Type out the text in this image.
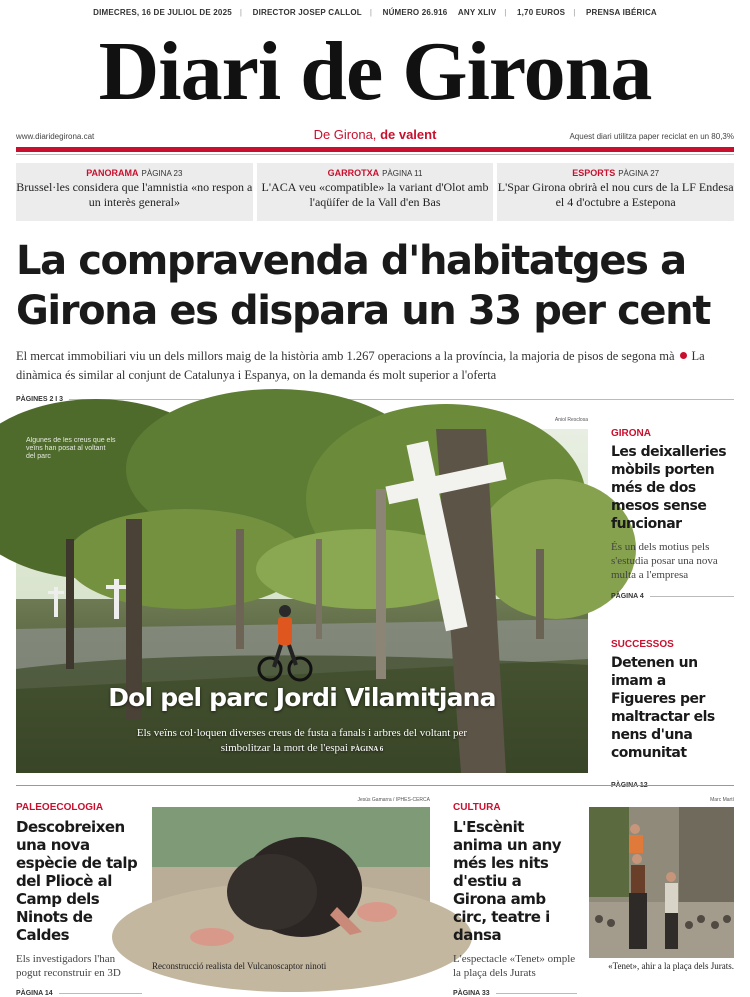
DIMECRES, 16 DE JULIOL DE 2025 | DIRECTOR JOSEP CALLOL | NÚMERO 26.916 ANY XLIV | 1,70 EUROS | PRENSA IBÉRICA
Diari de Girona
www.diaridegirona.cat	De Girona, de valent	Aquest diari utilitza paper reciclat en un 80,3%
PANORAMA PÀGINA 23
Brussel·les considera que l'amnistia «no respon a un interès general»
GARROTXA PÀGINA 11
L'ACA veu «compatible» la variant d'Olot amb l'aqüífer de la Vall d'en Bas
ESPORTS PÀGINA 27
L'Spar Girona obrirà el nou curs de la LF Endesa el 4 d'octubre a Estepona
La compravenda d'habitatges a Girona es dispara un 33 per cent

El mercat immobiliari viu un dels millors maig de la història amb 1.267 operacions a la província, la majoria de pisos de segona mà La dinàmica és similar al conjunt de Catalunya i Espanya, on la demanda és molt superior a l'oferta

PÀGINES 2 I 3
Aniol Resclosa
Algunes de les creus que els veïns han posat al voltant del parc
Dol pel parc Jordi Vilamitjana
Els veïns col·loquen diverses creus de fusta a fanals i arbres del voltant per simbolitzar la mort de l'espai PÀGINA 6
GIRONA
Les deixalleries mòbils porten més de dos mesos sense funcionar
És un dels motius pels s'estudia posar una nova multa a l'empresa
PÀGINA 4
SUCCESSOS
Detenen un imam a Figueres per maltractar els nens d'una comunitat
PALEOECOLOGIA
Descobreixen una nova espècie de talp del Pliocè al Camp dels Ninots de Caldes
Els investigadors l'han pogut reconstruir en 3D
PÀGINA 14
Jesús Gamarra / IPHES-CERCA
Reconstrucció realista del Vulcanoscaptor ninoti
CULTURA
L'Escènit anima un any més les nits d'estiu a Girona amb circ, teatre i dansa
L'espectacle «Tenet» omple la plaça dels Jurats
PÀGINA 33
Marc Martí
«Tenet», ahir a la plaça dels Jurats.
